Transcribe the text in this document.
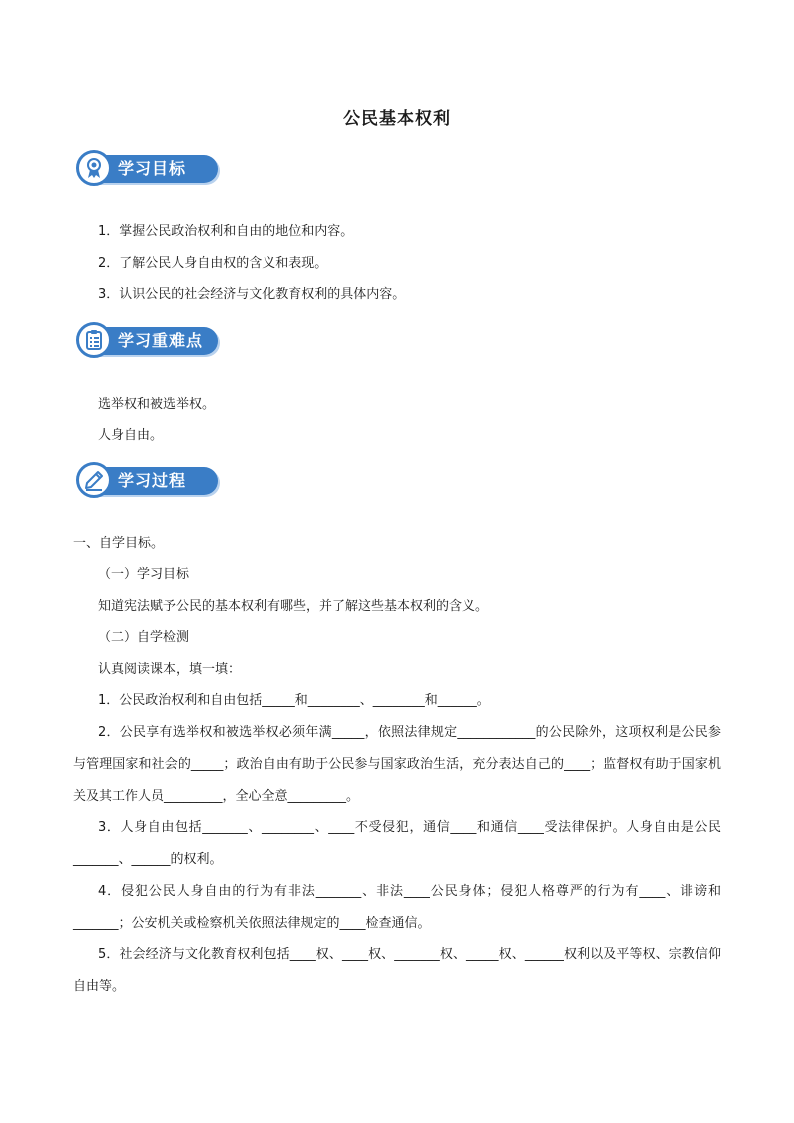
公民基本权利
学习目标
1．掌握公民政治权利和自由的地位和内容。
2．了解公民人身自由权的含义和表现。
3．认识公民的社会经济与文化教育权利的具体内容。
学习重难点
选举权和被选举权。
人身自由。
学习过程
一、自学目标。
（一）学习目标
知道宪法赋予公民的基本权利有哪些，并了解这些基本权利的含义。
（二）自学检测
认真阅读课本，填一填：
1．公民政治权利和自由包括_____和________、________和______。
2．公民享有选举权和被选举权必须年满_____，依照法律规定____________的公民除外，这项权利是公民参与管理国家和社会的_____；政治自由有助于公民参与国家政治生活，充分表达自己的____；监督权有助于国家机关及其工作人员_________，全心全意_________。
3．人身自由包括_______、________、____不受侵犯，通信____和通信____受法律保护。人身自由是公民_______、______的权利。
4．侵犯公民人身自由的行为有非法_______、非法____公民身体；侵犯人格尊严的行为有____、诽谤和_______；公安机关或检察机关依照法律规定的____检查通信。
5．社会经济与文化教育权利包括____权、____权、_______权、_____权、______权利以及平等权、宗教信仰自由等。
